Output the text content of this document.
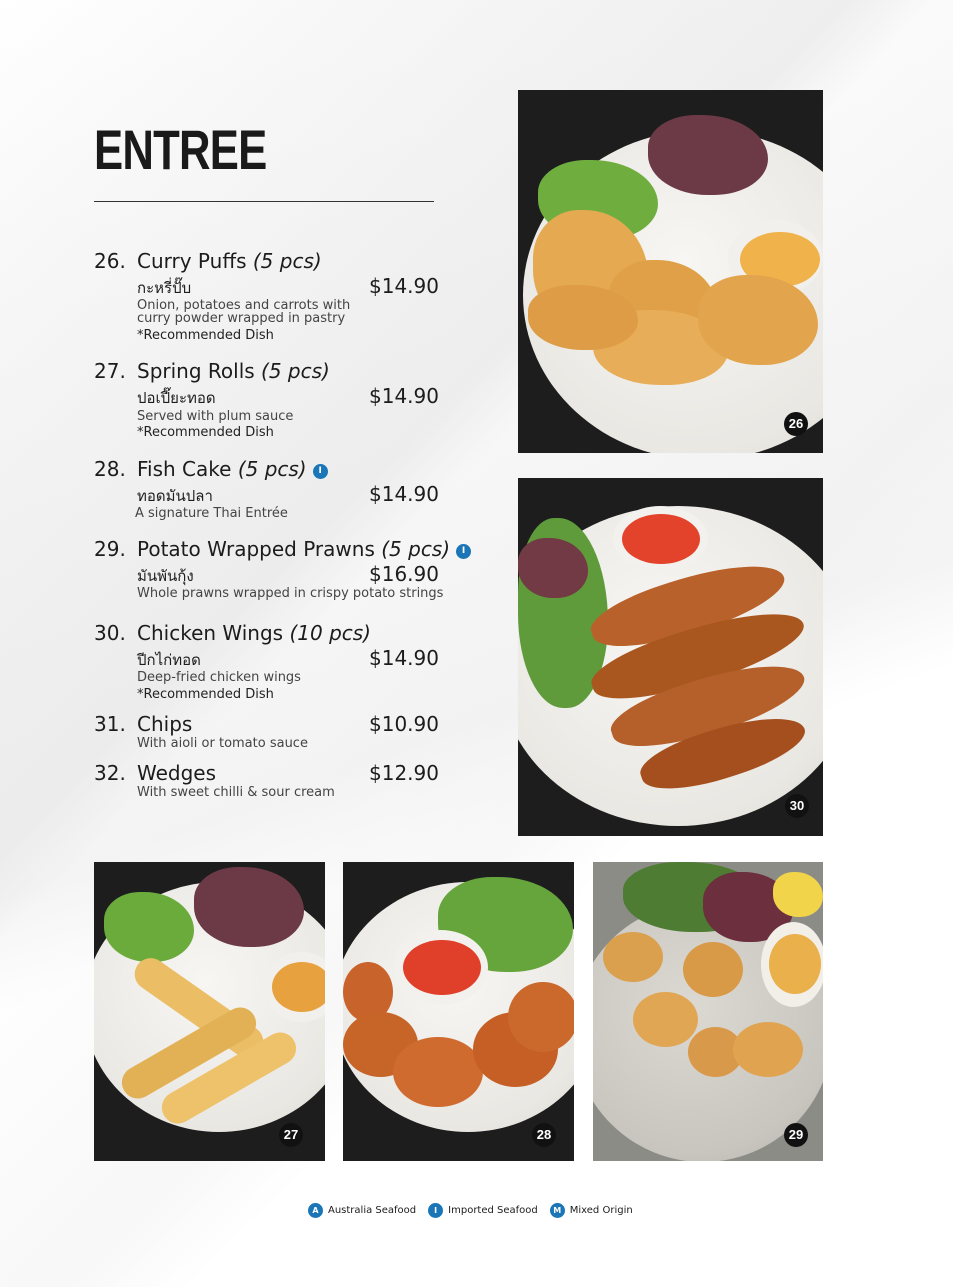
ENTREE
26. Curry Puffs (5 pcs)
กะหรี่ปั๊บ	$14.90
Onion, potatoes and carrots with curry powder wrapped in pastry
*Recommended Dish
27. Spring Rolls (5 pcs)
ปอเปี๊ยะทอด	$14.90
Served with plum sauce
*Recommended Dish
28. Fish Cake (5 pcs) I
ทอดมันปลา	$14.90
A signature Thai Entrée
29. Potato Wrapped Prawns (5 pcs) I
มันพันกุ้ง	$16.90
Whole prawns wrapped in crispy potato strings
30. Chicken Wings (10 pcs)
ปีกไก่ทอด	$14.90
Deep-fried chicken wings
*Recommended Dish
31. Chips	$10.90
With aioli or tomato sauce
32. Wedges	$12.90
With sweet chilli & sour cream
26
30
27	28	29
A Australia Seafood	I	Imported Seafood	M Mixed Origin
